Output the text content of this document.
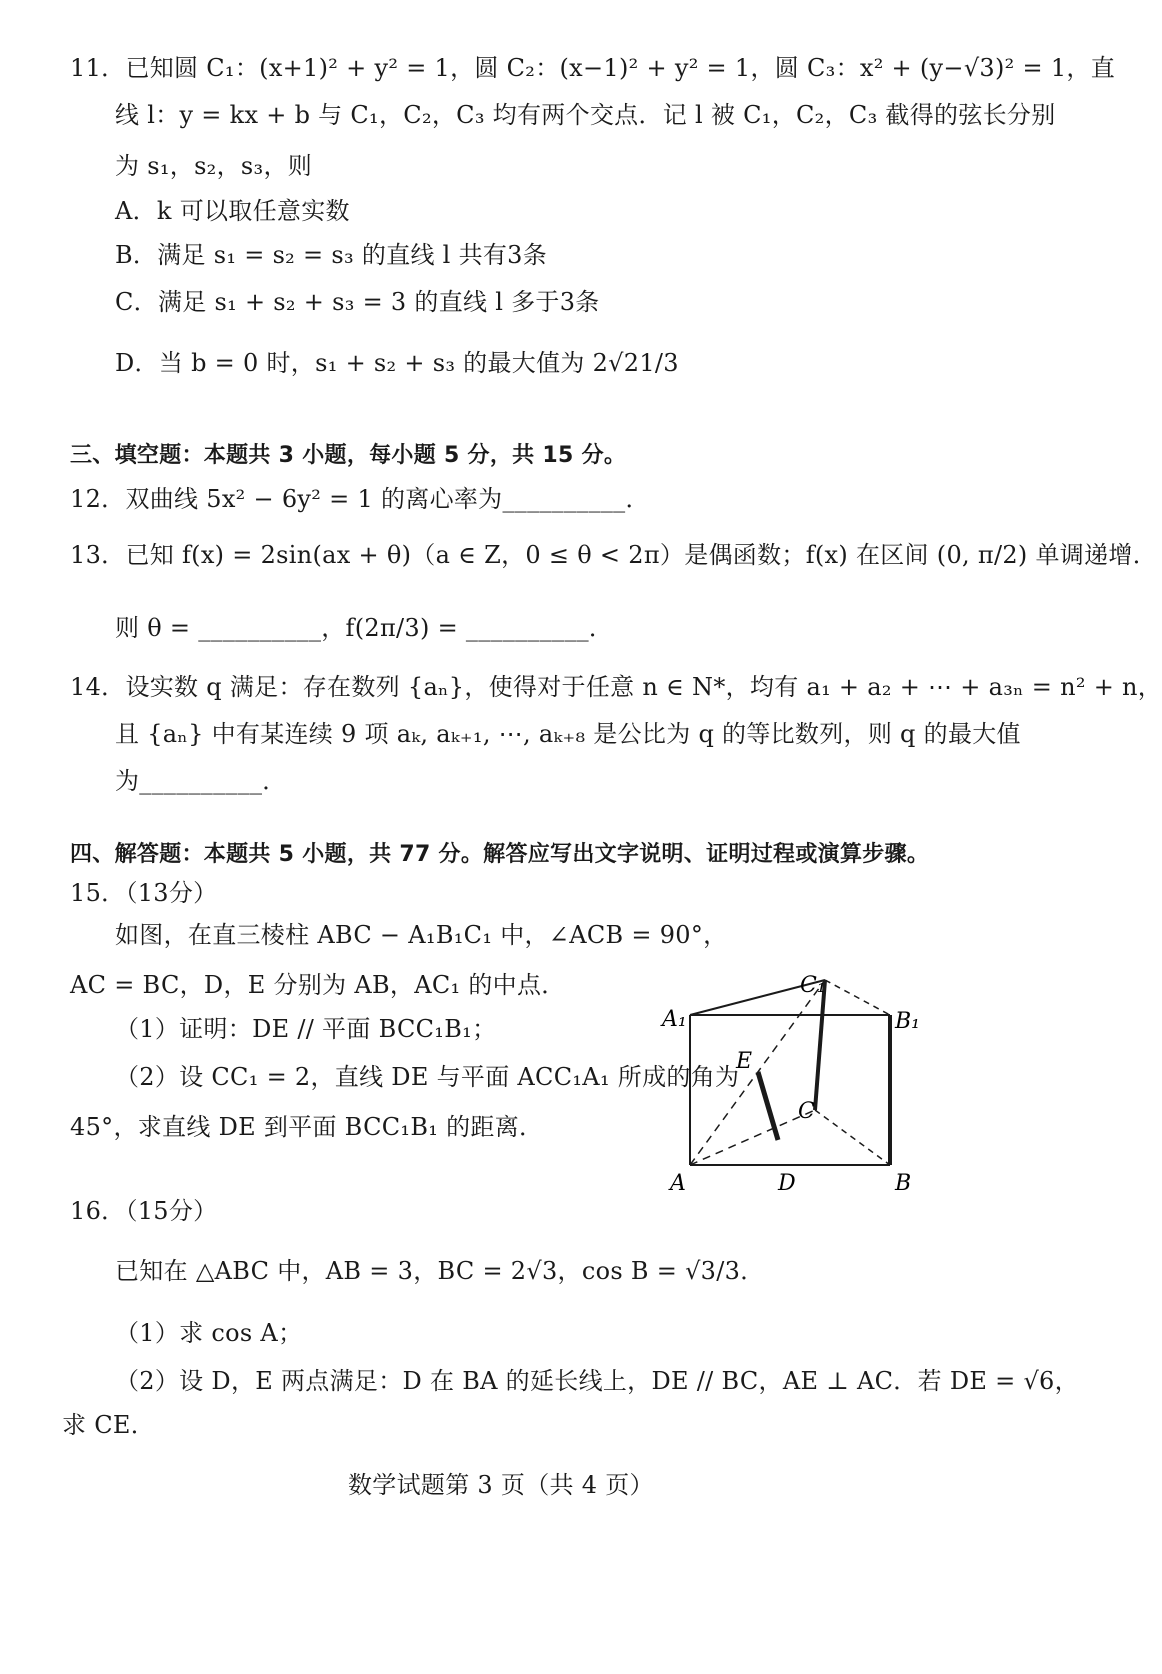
11．已知圆 C₁：(x+1)² + y² = 1，圆 C₂：(x−1)² + y² = 1，圆 C₃：x² + (y−√3)² = 1，直
线 l：y = kx + b 与 C₁，C₂，C₃ 均有两个交点．记 l 被 C₁，C₂，C₃ 截得的弦长分别
为 s₁，s₂，s₃，则
A．k 可以取任意实数
B．满足 s₁ = s₂ = s₃ 的直线 l 共有3条
C．满足 s₁ + s₂ + s₃ = 3 的直线 l 多于3条
D．当 b = 0 时，s₁ + s₂ + s₃ 的最大值为 2√21/3
三、填空题：本题共 3 小题，每小题 5 分，共 15 分。
12．双曲线 5x² − 6y² = 1 的离心率为__________．
13．已知 f(x) = 2sin(ax + θ)（a ∈ Z，0 ≤ θ < 2π）是偶函数；f(x) 在区间 (0, π/2) 单调递增．
则 θ = __________，f(2π/3) = __________．
14．设实数 q 满足：存在数列 {aₙ}，使得对于任意 n ∈ N*，均有 a₁ + a₂ + ⋯ + a₃ₙ = n² + n，
且 {aₙ} 中有某连续 9 项 aₖ, aₖ₊₁, ⋯, aₖ₊₈ 是公比为 q 的等比数列，则 q 的最大值
为__________．
四、解答题：本题共 5 小题，共 77 分。解答应写出文字说明、证明过程或演算步骤。
15．（13分）
如图，在直三棱柱 ABC − A₁B₁C₁ 中，∠ACB = 90°，
AC = BC，D，E 分别为 AB，AC₁ 的中点．
（1）证明：DE // 平面 BCC₁B₁；
（2）设 CC₁ = 2，直线 DE 与平面 ACC₁A₁ 所成的角为
45°，求直线 DE 到平面 BCC₁B₁ 的距离．
A₁	B₁
C₁
C
E
A	D	B
16．（15分）
已知在 △ABC 中，AB = 3，BC = 2√3，cos B = √3/3．
（1）求 cos A；
（2）设 D，E 两点满足：D 在 BA 的延长线上，DE // BC，AE ⊥ AC．若 DE = √6，
求 CE．
数学试题第 3 页（共 4 页）
